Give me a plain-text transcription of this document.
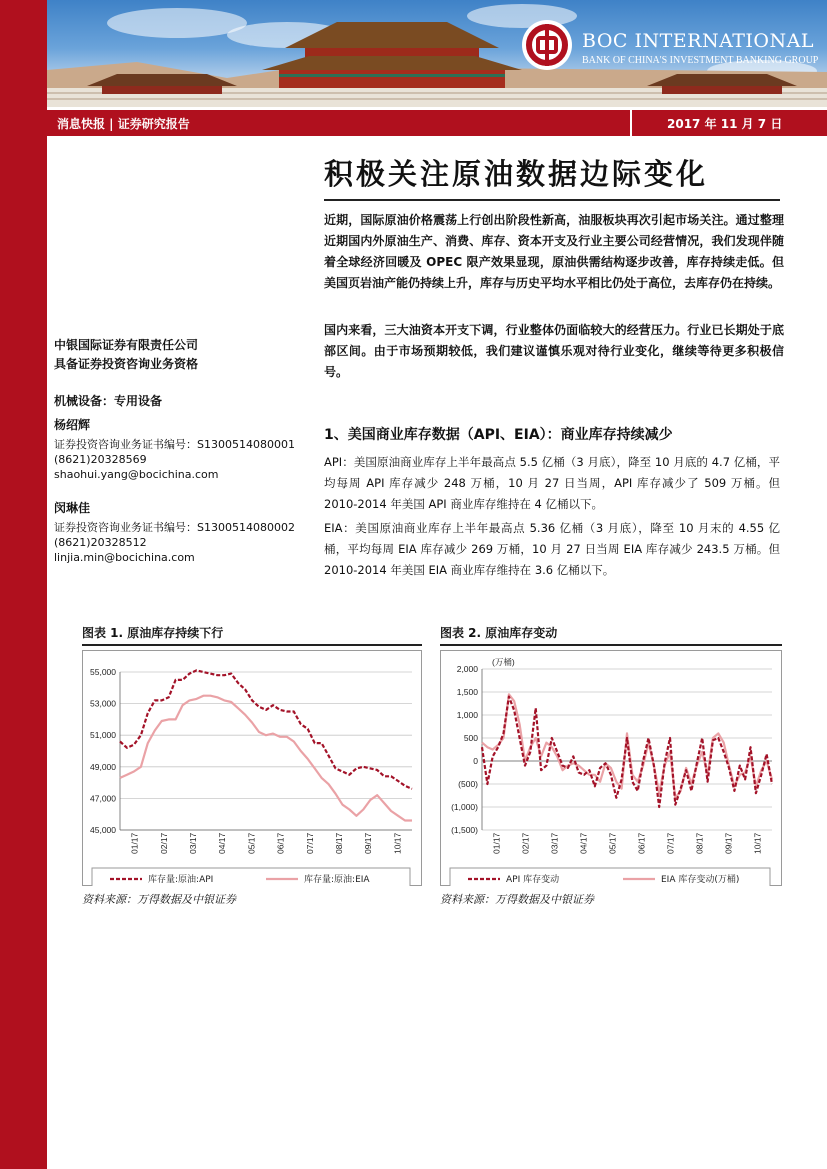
BOC INTERNATIONAL
BANK OF CHINA'S INVESTMENT BANKING GROUP
消息快报 | 证券研究报告	2017 年 11 月 7 日
积极关注原油数据边际变化
近期，国际原油价格震荡上行创出阶段性新高，油服板块再次引起市场关注。通过整理近期国内外原油生产、消费、库存、资本开支及行业主要公司经营情况，我们发现伴随着全球经济回暖及 OPEC 限产效果显现，原油供需结构逐步改善，库存持续走低。但美国页岩油产能仍持续上升，库存与历史平均水平相比仍处于高位，去库存仍在持续。
国内来看，三大油资本开支下调，行业整体仍面临较大的经营压力。行业已长期处于底部区间。由于市场预期较低，我们建议谨慎乐观对待行业变化，继续等待更多积极信号。
中银国际证券有限责任公司
具备证券投资咨询业务资格
机械设备：专用设备
杨绍辉
证券投资咨询业务证书编号：S1300514080001
(8621)20328569
shaohui.yang@bocichina.com
闵琳佳
证券投资咨询业务证书编号：S1300514080002
(8621)20328512
linjia.min@bocichina.com
1、美国商业库存数据（API、EIA）：商业库存持续减少
API：美国原油商业库存上半年最高点 5.5 亿桶（3 月底），降至 10 月底的 4.7 亿桶，平均每周 API 库存减少 248 万桶，10 月 27 日当周，API 库存减少了 509 万桶。但 2010-2014 年美国 API 商业库存维持在 4 亿桶以下。
EIA：美国原油商业库存上半年最高点 5.36 亿桶（3 月底），降至 10 月末的 4.55 亿桶，平均每周 EIA 库存减少 269 万桶，10 月 27 日当周 EIA 库存减少 243.5 万桶。但 2010-2014 年美国 EIA 商业库存维持在 3.6 亿桶以下。
图表 1. 原油库存持续下行	图表 2. 原油库存变动
45,000
47,000
49,000
51,000
53,000
55,000
01/17 02/17 03/17 04/17 05/17 06/17 07/17 08/17 09/17 10/17
库存量:原油:API	库存量:原油:EIA
(1,500)
(1,000)
(500)
0
500
1,000
1,500
2,000
01/17 02/17 03/17 04/17 05/17 06/17 07/17 08/17 09/17 10/17
(万桶)
API 库存变动	EIA 库存变动(万桶)
资料来源：万得数据及中银证券	资料来源：万得数据及中银证券
